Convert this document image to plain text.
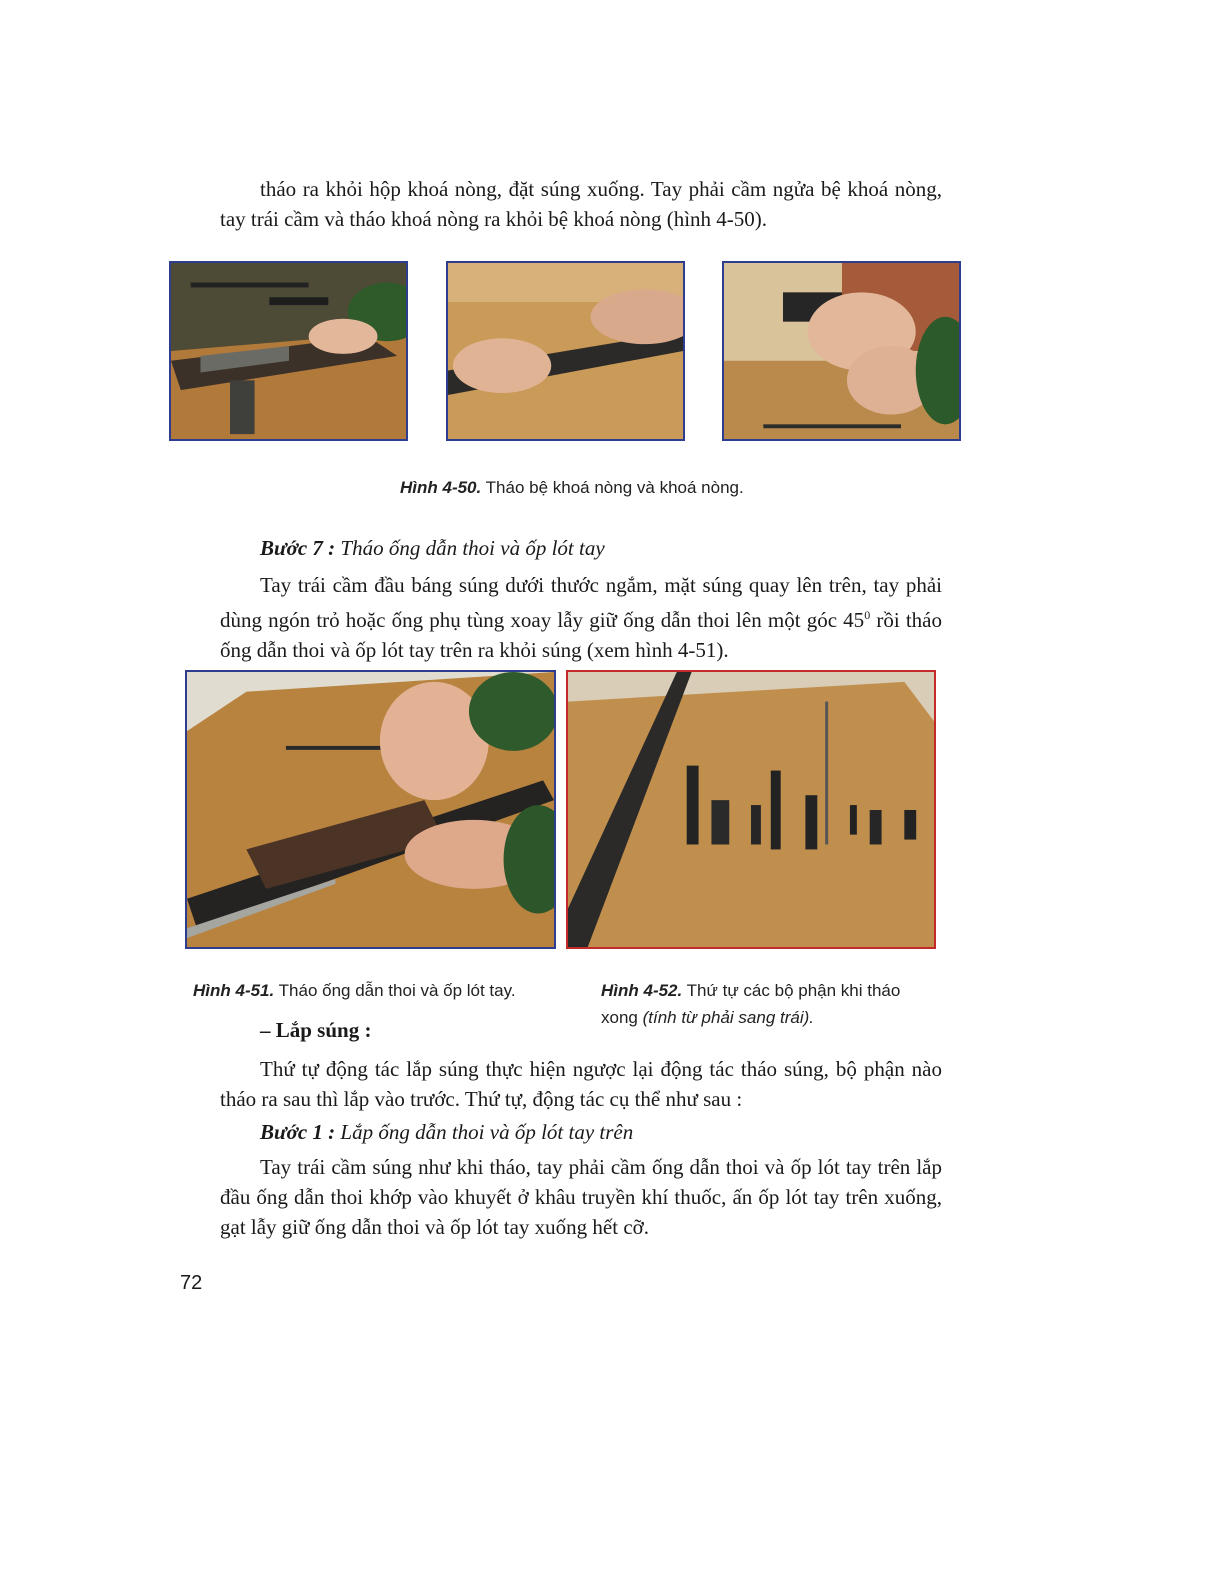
tháo ra khỏi hộp khoá nòng, đặt súng xuống. Tay phải cầm ngửa bệ khoá nòng, tay trái cầm và tháo khoá nòng ra khỏi bệ khoá nòng (hình 4-50).

Hình 4-50. Tháo bệ khoá nòng và khoá nòng.

Bước 7 : Tháo ống dẫn thoi và ốp lót tay

Tay trái cầm đầu báng súng dưới thước ngắm, mặt súng quay lên trên, tay phải dùng ngón trỏ hoặc ống phụ tùng xoay lẫy giữ ống dẫn thoi lên một góc $45^0$ rồi tháo ống dẫn thoi và ốp lót tay trên ra khỏi súng (xem hình 4-51).

Hình 4-51. Tháo ống dẫn thoi và ốp lót tay.	Hình 4-52. Thứ tự các bộ phận khi tháo xong (tính từ phải sang trái).

– Lắp súng :

Thứ tự động tác lắp súng thực hiện ngược lại động tác tháo súng, bộ phận nào tháo ra sau thì lắp vào trước. Thứ tự, động tác cụ thể như sau :

Bước 1 : Lắp ống dẫn thoi và ốp lót tay trên

Tay trái cầm súng như khi tháo, tay phải cầm ống dẫn thoi và ốp lót tay trên lắp đầu ống dẫn thoi khớp vào khuyết ở khâu truyền khí thuốc, ấn ốp lót tay trên xuống, gạt lẫy giữ ống dẫn thoi và ốp lót tay xuống hết cỡ.

72
